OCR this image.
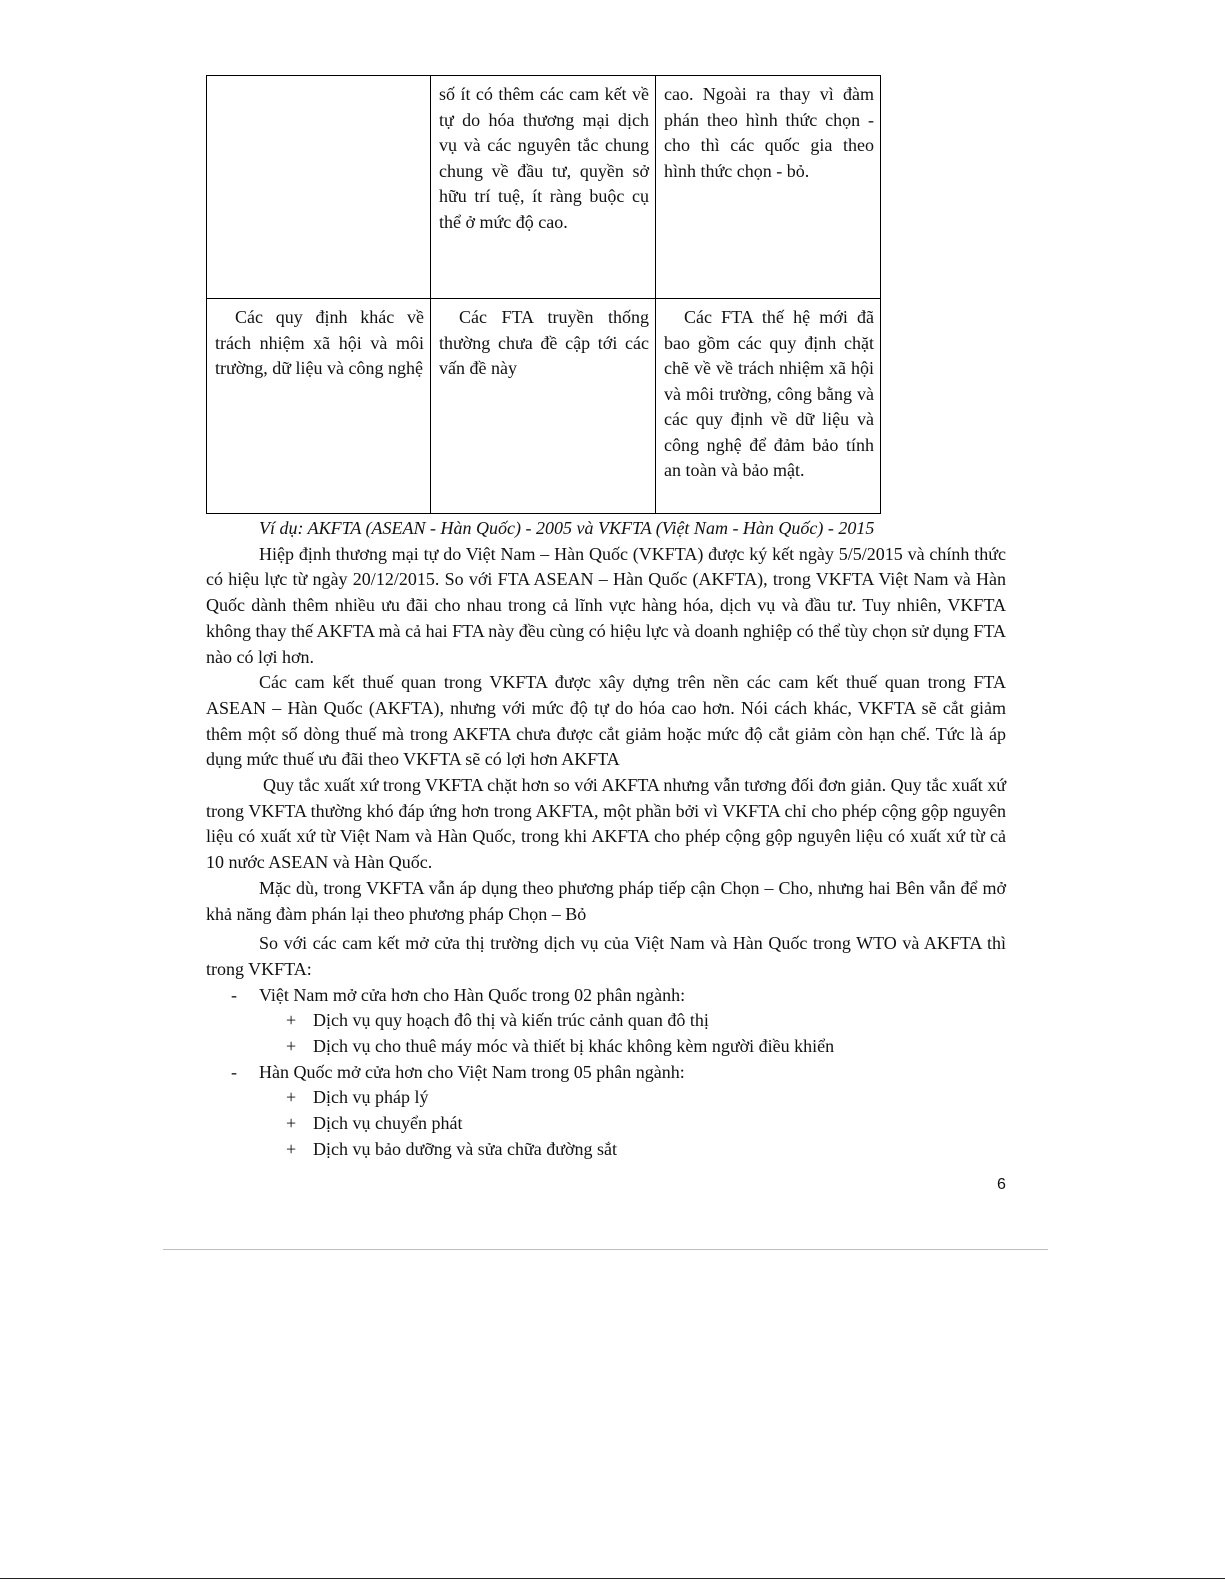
	số ít có thêm các cam kết về tự do hóa thương mại dịch vụ và các nguyên tắc chung chung về đầu tư, quyền sở hữu trí tuệ, ít ràng buộc cụ thể ở mức độ cao.	cao. Ngoài ra thay vì đàm phán theo hình thức chọn - cho thì các quốc gia theo hình thức chọn - bỏ.
Các quy định khác về trách nhiệm xã hội và môi trường, dữ liệu và công nghệ	Các FTA truyền thống thường chưa đề cập tới các vấn đề này	Các FTA thế hệ mới đã bao gồm các quy định chặt chẽ về về trách nhiệm xã hội và môi trường, công bằng và các quy định về dữ liệu và công nghệ để đảm bảo tính an toàn và bảo mật.

Ví dụ: AKFTA (ASEAN - Hàn Quốc) - 2005 và VKFTA (Việt Nam - Hàn Quốc) - 2015

Hiệp định thương mại tự do Việt Nam – Hàn Quốc (VKFTA) được ký kết ngày 5/5/2015 và chính thức có hiệu lực từ ngày 20/12/2015. So với FTA ASEAN – Hàn Quốc (AKFTA), trong VKFTA Việt Nam và Hàn Quốc dành thêm nhiều ưu đãi cho nhau trong cả lĩnh vực hàng hóa, dịch vụ và đầu tư. Tuy nhiên, VKFTA không thay thế AKFTA mà cả hai FTA này đều cùng có hiệu lực và doanh nghiệp có thể tùy chọn sử dụng FTA nào có lợi hơn.

Các cam kết thuế quan trong VKFTA được xây dựng trên nền các cam kết thuế quan trong FTA ASEAN – Hàn Quốc (AKFTA), nhưng với mức độ tự do hóa cao hơn. Nói cách khác, VKFTA sẽ cắt giảm thêm một số dòng thuế mà trong AKFTA chưa được cắt giảm hoặc mức độ cắt giảm còn hạn chế. Tức là áp dụng mức thuế ưu đãi theo VKFTA sẽ có lợi hơn AKFTA

Quy tắc xuất xứ trong VKFTA chặt hơn so với AKFTA nhưng vẫn tương đối đơn giản. Quy tắc xuất xứ trong VKFTA thường khó đáp ứng hơn trong AKFTA, một phần bởi vì VKFTA chỉ cho phép cộng gộp nguyên liệu có xuất xứ từ Việt Nam và Hàn Quốc, trong khi AKFTA cho phép cộng gộp nguyên liệu có xuất xứ từ cả 10 nước ASEAN và Hàn Quốc.

Mặc dù, trong VKFTA vẫn áp dụng theo phương pháp tiếp cận Chọn – Cho, nhưng hai Bên vẫn để mở khả năng đàm phán lại theo phương pháp Chọn – Bỏ

So với các cam kết mở cửa thị trường dịch vụ của Việt Nam và Hàn Quốc trong WTO và AKFTA thì trong VKFTA:

- Việt Nam mở cửa hơn cho Hàn Quốc trong 02 phân ngành:
+ Dịch vụ quy hoạch đô thị và kiến trúc cảnh quan đô thị
+ Dịch vụ cho thuê máy móc và thiết bị khác không kèm người điều khiển
- Hàn Quốc mở cửa hơn cho Việt Nam trong 05 phân ngành:
+ Dịch vụ pháp lý
+ Dịch vụ chuyển phát
+ Dịch vụ bảo dưỡng và sửa chữa đường sắt
6
